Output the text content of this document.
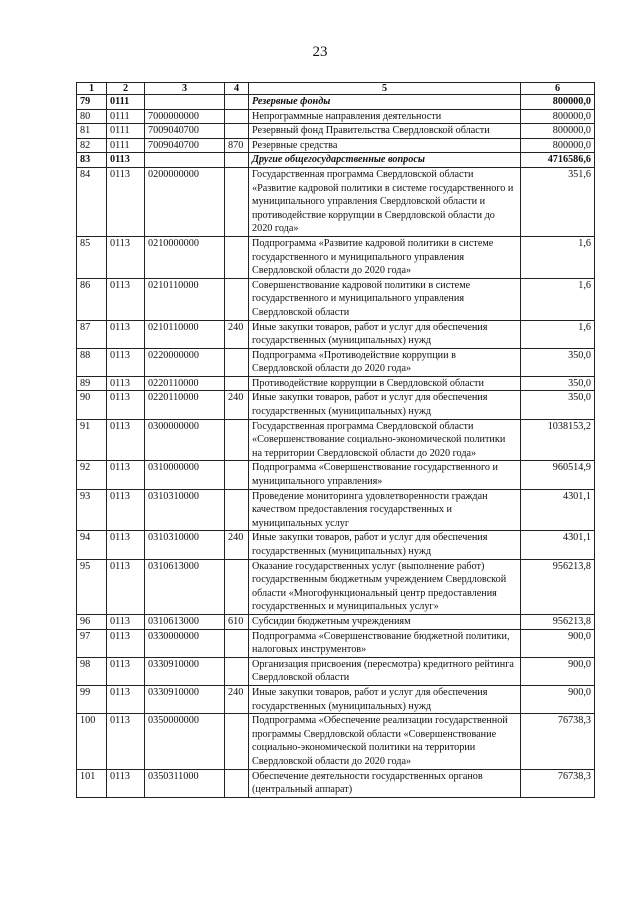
23
1	2	3	4	5	6
79	0111			Резервные фонды	800000,0
80	0111	7000000000		Непрограммные направления деятельности	800000,0
81	0111	7009040700		Резервный фонд Правительства Свердловской области	800000,0
82	0111	7009040700	870	Резервные средства	800000,0
83	0113			Другие общегосударственные вопросы	4716586,6
84	0113	0200000000		Государственная программа Свердловской области «Развитие кадровой политики в системе государственного и муниципального управления Свердловской области и противодействие коррупции в Свердловской области до 2020 года»	351,6
85	0113	0210000000		Подпрограмма «Развитие кадровой политики в системе государственного и муниципального управления Свердловской области до 2020 года»	1,6
86	0113	0210110000		Совершенствование кадровой политики в системе государственного и муниципального управления Свердловской области	1,6
87	0113	0210110000	240	Иные закупки товаров, работ и услуг для обеспечения государственных (муниципальных) нужд	1,6
88	0113	0220000000		Подпрограмма «Противодействие коррупции в Свердловской области до 2020 года»	350,0
89	0113	0220110000		Противодействие коррупции в Свердловской области	350,0
90	0113	0220110000	240	Иные закупки товаров, работ и услуг для обеспечения государственных (муниципальных) нужд	350,0
91	0113	0300000000		Государственная программа Свердловской области «Совершенствование социально-экономической политики на территории Свердловской области до 2020 года»	1038153,2
92	0113	0310000000		Подпрограмма «Совершенствование государственного и муниципального управления»	960514,9
93	0113	0310310000		Проведение мониторинга удовлетворенности граждан качеством предоставления государственных и муниципальных услуг	4301,1
94	0113	0310310000	240	Иные закупки товаров, работ и услуг для обеспечения государственных (муниципальных) нужд	4301,1
95	0113	0310613000		Оказание государственных услуг (выполнение работ) государственным бюджетным учреждением Свердловской области «Многофункциональный центр предоставления государственных и муниципальных услуг»	956213,8
96	0113	0310613000	610	Субсидии бюджетным учреждениям	956213,8
97	0113	0330000000		Подпрограмма «Совершенствование бюджетной политики, налоговых инструментов»	900,0
98	0113	0330910000		Организация присвоения (пересмотра) кредитного рейтинга Свердловской области	900,0
99	0113	0330910000	240	Иные закупки товаров, работ и услуг для обеспечения государственных (муниципальных) нужд	900,0
100	0113	0350000000		Подпрограмма «Обеспечение реализации государственной программы Свердловской области «Совершенствование социально-экономической политики на территории Свердловской области до 2020 года»	76738,3
101	0113	0350311000		Обеспечение деятельности государственных органов (центральный аппарат)	76738,3
